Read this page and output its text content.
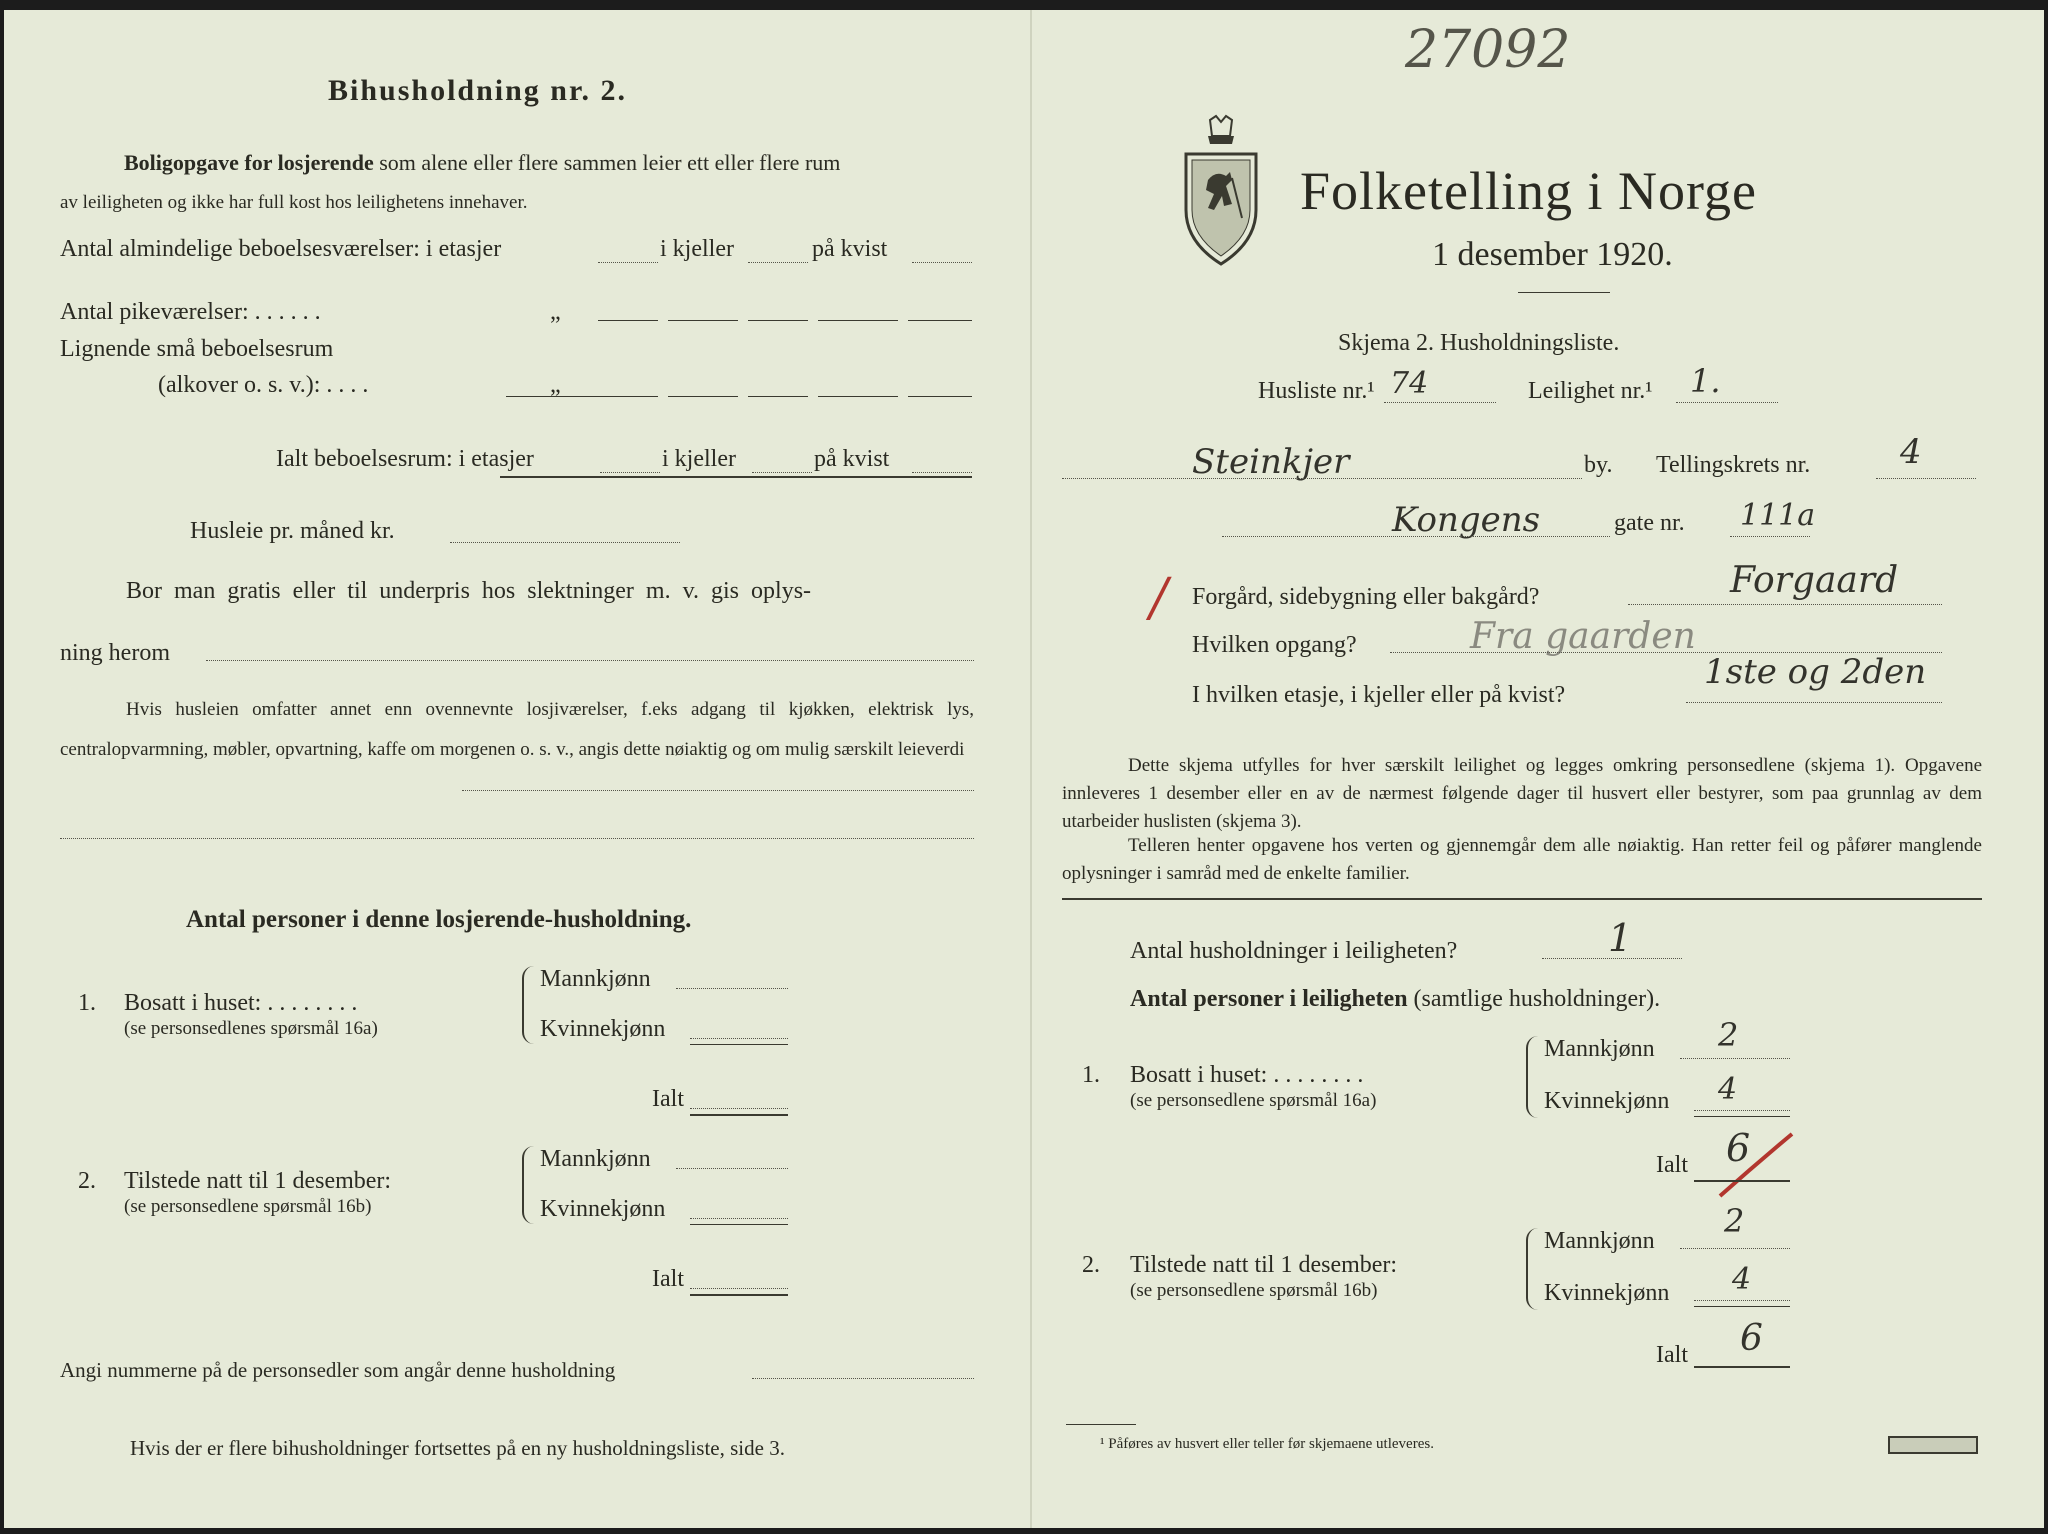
27092
Bihusholdning nr. 2.
Boligopgave for losjerende som alene eller flere sammen leier ett eller flere rum
av leiligheten og ikke har full kost hos leilighetens innehaver.
Antal almindelige beboelsesværelser: i etasjer	i kjeller	på kvist
Antal pikeværelser: . . . . . .	„
Lignende små beboelsesrum
(alkover o. s. v.): . . . .	„
Ialt beboelsesrum: i etasjer	i kjeller	på kvist
Husleie pr. måned kr.
Bor man gratis eller til underpris hos slektninger m. v. gis oplys-
ning herom
Hvis husleien omfatter annet enn ovennevnte losjiværelser, f.eks adgang til kjøkken, elektrisk lys, centralopvarmning, møbler, opvartning, kaffe om morgenen o. s. v., angis dette nøiaktig og om mulig særskilt leieverdi
Antal personer i denne losjerende-husholdning.
1. Bosatt i huset: . . . . . . . .
(se personsedlenes spørsmål 16a)
Mannkjønn
Kvinnekjønn
Ialt
2. Tilstede natt til 1 desember:
(se personsedlene spørsmål 16b)
Mannkjønn
Kvinnekjønn
Ialt
Angi nummerne på de personsedler som angår denne husholdning
Hvis der er flere bihusholdninger fortsettes på en ny husholdningsliste, side 3.
Folketelling i Norge
1 desember 1920.
Skjema 2. Husholdningsliste.
Husliste nr.¹ 74	Leilighet nr.¹ 1.
Steinkjer	by. Tellingskrets nr.	4
Kongens	gate nr. 111a
/ Forgård, sidebygning eller bakgård?	Forgaard
Hvilken opgang?	Fra gaarden
I hvilken etasje, i kjeller eller på kvist?
1ste og 2den
Dette skjema utfylles for hver særskilt leilighet og legges omkring personsedlene (skjema 1). Opgavene innleveres 1 desember eller en av de nærmest følgende dager til husvert eller bestyrer, som paa grunnlag av dem utarbeider huslisten (skjema 3).
Telleren henter opgavene hos verten og gjennemgår dem alle nøiaktig. Han retter feil og påfører manglende oplysninger i samråd med de enkelte familier.
Antal husholdninger i leiligheten?	1
Antal personer i leiligheten (samtlige husholdninger).
1. Bosatt i huset: . . . . . . . .
(se personsedlene spørsmål 16a)
Mannkjønn 2
Kvinnekjønn 4
Ialt 6
2. Tilstede natt til 1 desember:
(se personsedlene spørsmål 16b)
Mannkjønn
2
Kvinnekjønn 4
Ialt 6
¹ Påføres av husvert eller teller før skjemaene utleveres.
